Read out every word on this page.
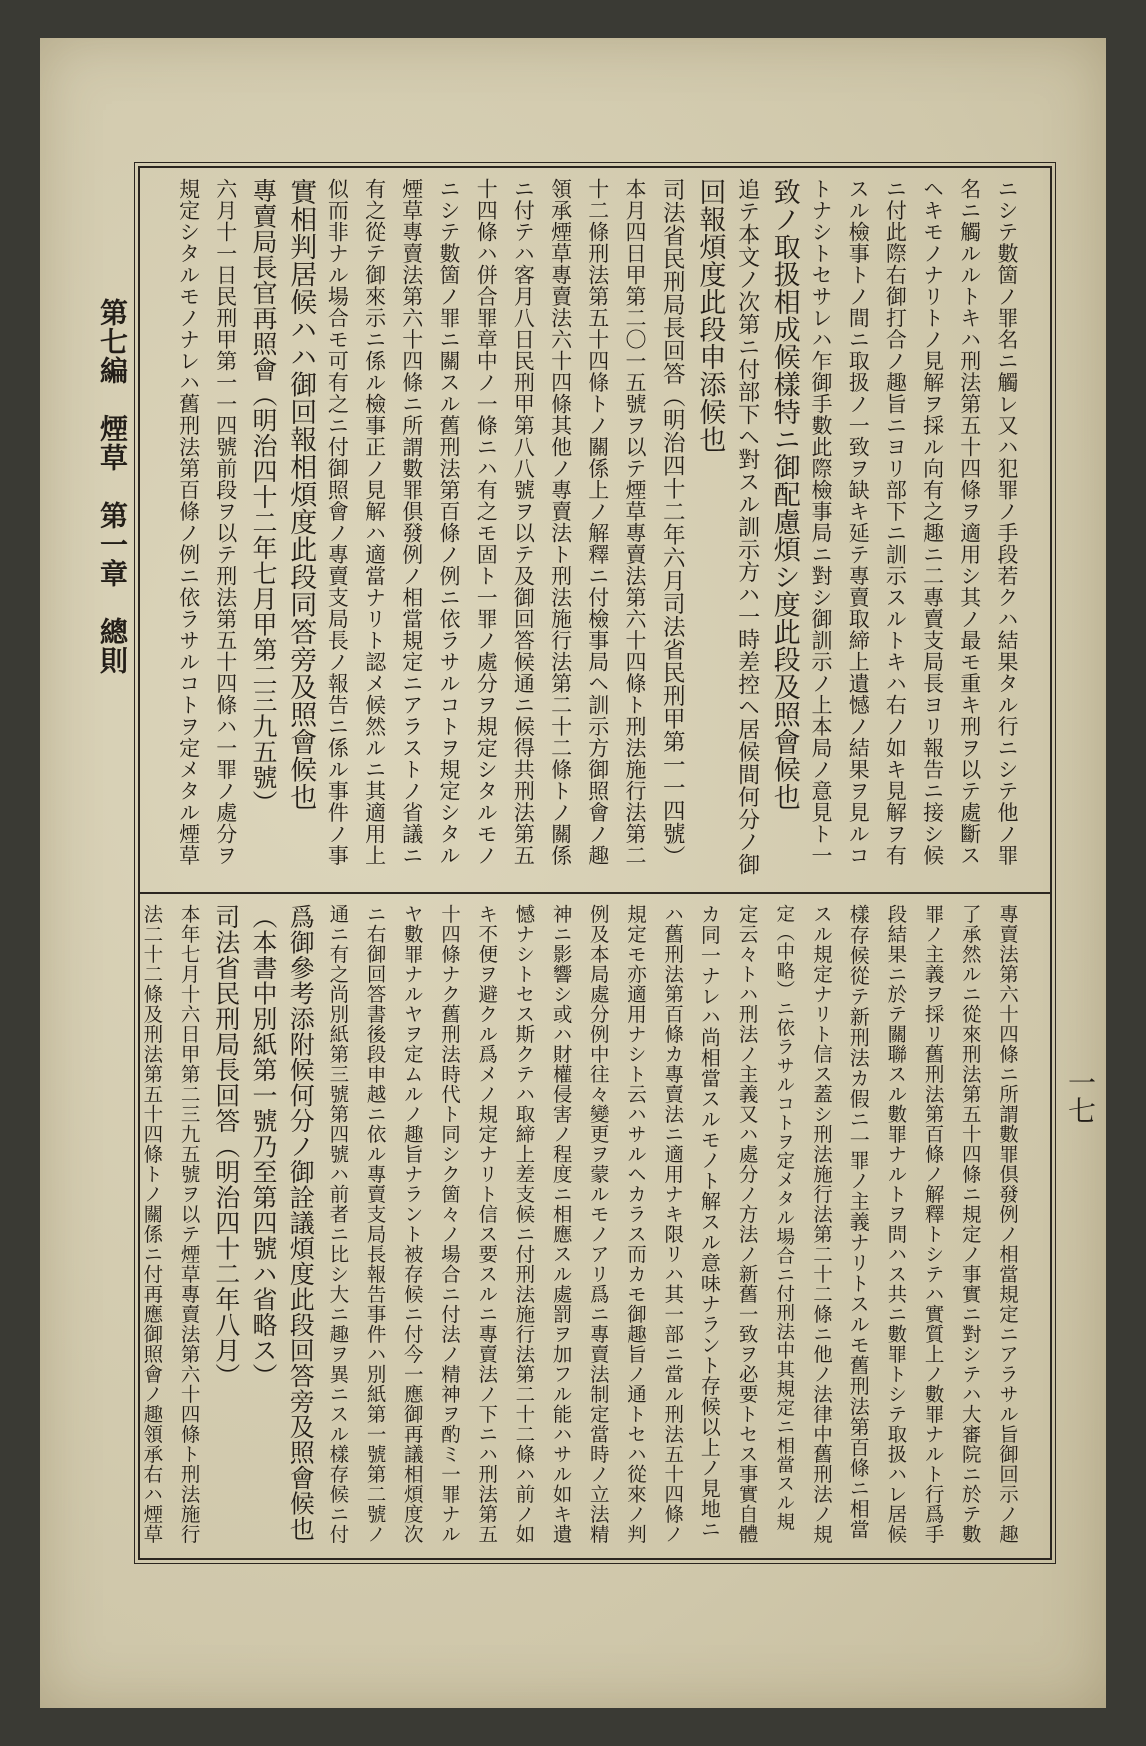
第七編　煙草　第一章　總則
一七
ニシテ數箇ノ罪名ニ觸レ又ハ犯罪ノ手段若クハ結果タル行ニシテ他ノ罪
名ニ觸ルルトキハ刑法第五十四條ヲ適用シ其ノ最モ重キ刑ヲ以テ處斷ス
ヘキモノナリトノ見解ヲ採ル向有之趣ニ二專賣支局長ヨリ報告ニ接シ候
ニ付此際右御打合ノ趣旨ニヨリ部下ニ訓示スルトキハ右ノ如キ見解ヲ有
スル檢事トノ間ニ取扱ノ一致ヲ缺キ延テ專賣取締上遺憾ノ結果ヲ見ルコ
トナシトセサレハ乍御手數此際檢事局ニ對シ御訓示ノ上本局ノ意見ト一
致ノ取扱相成候樣特ニ御配慮煩シ度此段及照會候也
追テ本文ノ次第ニ付部下ヘ對スル訓示方ハ一時差控ヘ居候間何分ノ御
回報煩度此段申添候也
司法省民刑局長回答（明治四十二年六月司法省民刑甲第一一四號）
本月四日甲第二〇一五號ヲ以テ煙草專賣法第六十四條ト刑法施行法第二
十二條刑法第五十四條トノ關係上ノ解釋ニ付檢事局ヘ訓示方御照會ノ趣
領承煙草專賣法六十四條其他ノ專賣法ト刑法施行法第二十二條トノ關係
ニ付テハ客月八日民刑甲第八八號ヲ以テ及御回答候通ニ候得共刑法第五
十四條ハ併合罪章中ノ一條ニハ有之モ固ト一罪ノ處分ヲ規定シタルモノ
ニシテ數箇ノ罪ニ關スル舊刑法第百條ノ例ニ依ラサルコトヲ規定シタル
煙草專賣法第六十四條ニ所謂數罪倶發例ノ相當規定ニアラストノ省議ニ
有之從テ御來示ニ係ル檢事正ノ見解ハ適當ナリト認メ候然ルニ其適用上
似而非ナル場合モ可有之ニ付御照會ノ專賣支局長ノ報告ニ係ル事件ノ事
實相判居候ハハ御回報相煩度此段同答旁及照會候也
專賣局長官再照會（明治四十二年七月甲第二三九五號）
六月十一日民刑甲第一一四號前段ヲ以テ刑法第五十四條ハ一罪ノ處分ヲ
規定シタルモノナレハ舊刑法第百條ノ例ニ依ラサルコトヲ定メタル煙草
專賣法第六十四條ニ所謂數罪倶發例ノ相當規定ニアラサル旨御回示ノ趣
了承然ルニ從來刑法第五十四條ニ規定ノ事實ニ對シテハ大審院ニ於テ數
罪ノ主義ヲ採リ舊刑法第百條ノ解釋トシテハ實質上ノ數罪ナルト行爲手
段結果ニ於テ關聯スル數罪ナルトヲ問ハス共ニ數罪トシテ取扱ハレ居候
樣存候從テ新刑法カ假ニ一罪ノ主義ナリトスルモ舊刑法第百條ニ相當
スル規定ナリト信ス蓋シ刑法施行法第二十二條ニ他ノ法律中舊刑法ノ規
定（中略）ニ依ラサルコトヲ定メタル場合ニ付刑法中其規定ニ相當スル規
定云々トハ刑法ノ主義又ハ處分ノ方法ノ新舊一致ヲ必要トセス事實自體
カ同一ナレハ尚相當スルモノト解スル意味ナラント存候以上ノ見地ニ
ハ舊刑法第百條カ專賣法ニ適用ナキ限リハ其一部ニ當ル刑法五十四條ノ
規定モ亦適用ナシト云ハサルヘカラス而カモ御趣旨ノ通トセハ從來ノ判
例及本局處分例中往々變更ヲ蒙ルモノアリ爲ニ專賣法制定當時ノ立法精
神ニ影響シ或ハ財權侵害ノ程度ニ相應スル處罰ヲ加フル能ハサル如キ遺
憾ナシトセス斯クテハ取締上差支候ニ付刑法施行法第二十二條ハ前ノ如
キ不便ヲ避クル爲メノ規定ナリト信ス要スルニ專賣法ノ下ニハ刑法第五
十四條ナク舊刑法時代ト同シク箇々ノ場合ニ付法ノ精神ヲ酌ミ一罪ナル
ヤ數罪ナルヤヲ定ムルノ趣旨ナラント被存候ニ付今一應御再議相煩度次
ニ右御回答書後段申越ニ依ル專賣支局長報告事件ハ別紙第一號第二號ノ
通ニ有之尚別紙第三號第四號ハ前者ニ比シ大ニ趣ヲ異ニスル樣存候ニ付
爲御參考添附候何分ノ御詮議煩度此段回答旁及照會候也
（本書中別紙第一號乃至第四號ハ省略ス）
司法省民刑局長回答（明治四十二年八月）
本年七月十六日甲第二三九五號ヲ以テ煙草專賣法第六十四條ト刑法施行
法二十二條及刑法第五十四條トノ關係ニ付再應御照會ノ趣領承右ハ煙草
